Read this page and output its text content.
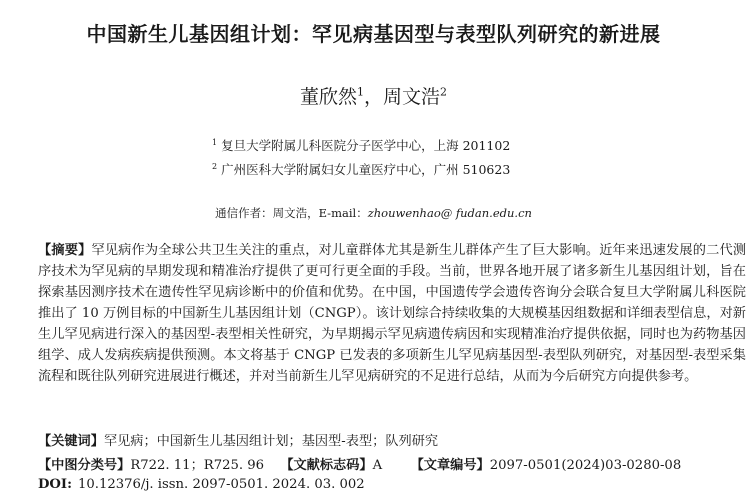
中国新生儿基因组计划：罕见病基因型与表型队列研究的新进展
董欣然$^1$，周文浩$^2$
$^1$ 复旦大学附属儿科医院分子医学中心，上海 201102
$^2$ 广州医科大学附属妇女儿童医疗中心，广州 510623
通信作者：周文浩，E-mail：zhouwenhao@ fudan.edu.cn
【摘要】罕见病作为全球公共卫生关注的重点，对儿童群体尤其是新生儿群体产生了巨大影响。近年来迅速发展的二代测序技术为罕见病的早期发现和精准治疗提供了更可行更全面的手段。当前，世界各地开展了诸多新生儿基因组计划，旨在探索基因测序技术在遗传性罕见病诊断中的价值和优势。在中国，中国遗传学会遗传咨询分会联合复旦大学附属儿科医院推出了 10 万例目标的中国新生儿基因组计划（CNGP）。该计划综合持续收集的大规模基因组数据和详细表型信息，对新生儿罕见病进行深入的基因型-表型相关性研究，为早期揭示罕见病遗传病因和实现精准治疗提供依据，同时也为药物基因组学、成人发病疾病提供预测。本文将基于 CNGP 已发表的多项新生儿罕见病基因型-表型队列研究，对基因型-表型采集流程和既往队列研究进展进行概述，并对当前新生儿罕见病研究的不足进行总结，从而为今后研究方向提供参考。
【关键词】罕见病；中国新生儿基因组计划；基因型-表型；队列研究
【中图分类号】R722. 11；R725. 96 【文献标志码】A 【文章编号】2097-0501(2024)03-0280-08
DOI: 10.12376/j. issn. 2097-0501. 2024. 03. 002
